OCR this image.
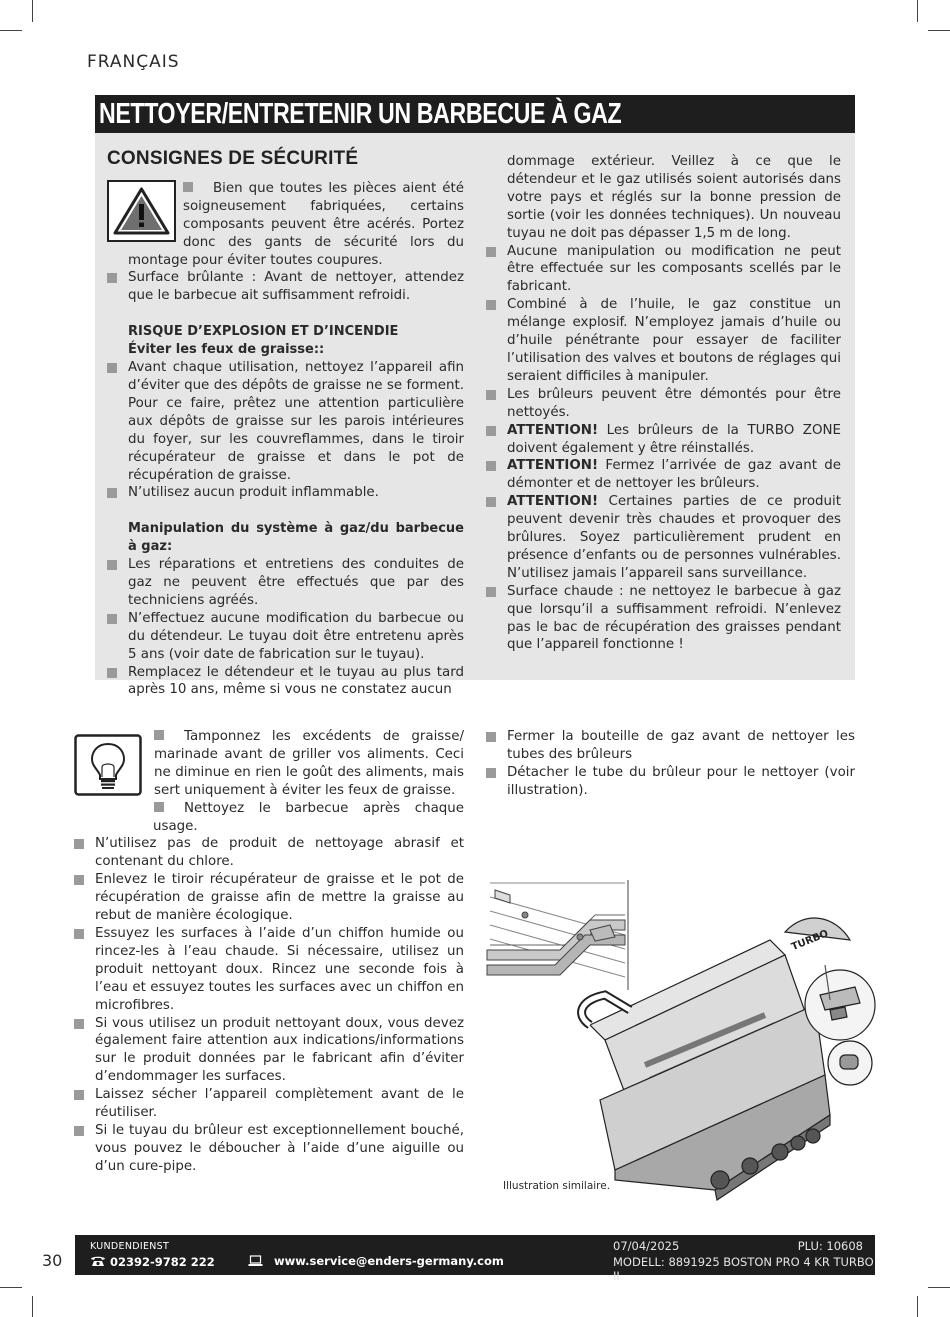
FRANÇAIS
NETTOYER/ENTRETENIR UN BARBECUE À GAZ

CONSIGNES DE SÉCURITÉ

Bien que toutes les pièces aient été soigneusement fabriquées, certains composants peuvent être acérés. Portez donc des gants de sécurité lors du montage pour éviter toutes coupures.

Surface brûlante : Avant de nettoyer, attendez que le barbecue ait suffisamment refroidi.

RISQUE D’EXPLOSION ET D’INCENDIE

Éviter les feux de graisse::

Avant chaque utilisation, nettoyez l’appareil afin d’éviter que des dépôts de graisse ne se forment. Pour ce faire, prêtez une attention particulière aux dépôts de graisse sur les parois intérieures du foyer, sur les couvreflammes, dans le tiroir récupérateur de graisse et dans le pot de récupération de graisse.

N’utilisez aucun produit inflammable.

Manipulation du système à gaz/du barbecue à gaz:

Les réparations et entretiens des conduites de gaz ne peuvent être effectués que par des techniciens agréés.

N’effectuez aucune modification du barbecue ou du détendeur. Le tuyau doit être entretenu après 5 ans (voir date de fabrication sur le tuyau).

Remplacez le détendeur et le tuyau au plus tard après 10 ans, même si vous ne constatez aucun

dommage extérieur. Veillez à ce que le détendeur et le gaz utilisés soient autorisés dans votre pays et réglés sur la bonne pression de sortie (voir les données techniques). Un nouveau tuyau ne doit pas dépasser 1,5 m de long.

Aucune manipulation ou modification ne peut être effectuée sur les composants scellés par le fabricant.

Combiné à de l’huile, le gaz constitue un mélange explosif. N’employez jamais d’huile ou d’huile pénétrante pour essayer de faciliter l’utilisation des valves et boutons de réglages qui seraient difficiles à manipuler.

Les brûleurs peuvent être démontés pour être nettoyés.

ATTENTION! Les brûleurs de la TURBO ZONE doivent également y être réinstallés.

ATTENTION! Fermez l’arrivée de gaz avant de démonter et de nettoyer les brûleurs.

ATTENTION! Certaines parties de ce produit peuvent devenir très chaudes et provoquer des brûlures. Soyez particulièrement prudent en présence d’enfants ou de personnes vulnérables. N’utilisez jamais l’appareil sans surveillance.

Surface chaude : ne nettoyez le barbecue à gaz que lorsqu’il a suffisamment refroidi. N’enlevez pas le bac de récupération des graisses pendant que l’appareil fonctionne !

Tamponnez les excédents de graisse/ marinade avant de griller vos aliments. Ceci ne diminue en rien le goût des aliments, mais sert uniquement à éviter les feux de graisse.

Nettoyez le barbecue après chaque usage.

N’utilisez pas de produit de nettoyage abrasif et contenant du chlore.

Enlevez le tiroir récupérateur de graisse et le pot de récupération de graisse afin de mettre la graisse au rebut de manière écologique.

Essuyez les surfaces à l’aide d’un chiffon humide ou rincez-les à l’eau chaude. Si nécessaire, utilisez un produit nettoyant doux. Rincez une seconde fois à l’eau et essuyez toutes les surfaces avec un chiffon en microfibres.

Si vous utilisez un produit nettoyant doux, vous devez également faire attention aux indications/informations sur le produit données par le fabricant afin d’éviter d’endommager les surfaces.

Laissez sécher l’appareil complètement avant de le réutiliser.

Si le tuyau du brûleur est exceptionnellement bouché, vous pouvez le déboucher à l’aide d’une aiguille ou d’un cure-pipe.

Fermer la bouteille de gaz avant de nettoyer les tubes des brûleurs

Détacher le tube du brûleur pour le nettoyer (voir illustration).

TURBO
Illustration similaire.
30
KUNDENDIENST
02392-9782 222	www.service@enders-germany.com
07/04/2025	PLU: 10608
MODELL: 8891925 BOSTON PRO 4 KR TURBO II
